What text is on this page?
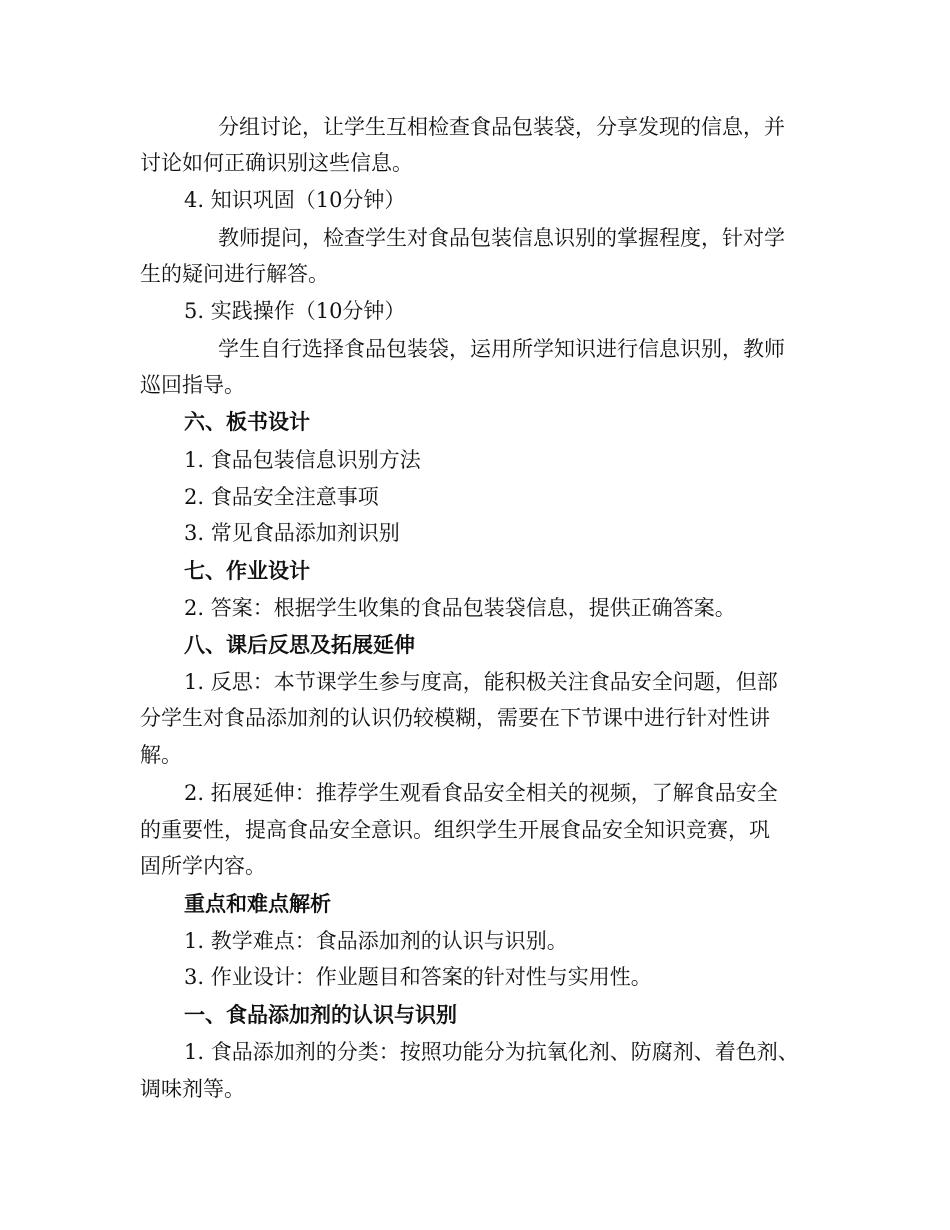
分组讨论，让学生互相检查食品包装袋，分享发现的信息，并
讨论如何正确识别这些信息。
4. 知识巩固（10分钟）
教师提问，检查学生对食品包装信息识别的掌握程度，针对学
生的疑问进行解答。
5. 实践操作（10分钟）
学生自行选择食品包装袋，运用所学知识进行信息识别，教师
巡回指导。
六、板书设计
1. 食品包装信息识别方法
2. 食品安全注意事项
3. 常见食品添加剂识别
七、作业设计
2. 答案：根据学生收集的食品包装袋信息，提供正确答案。
八、课后反思及拓展延伸
1. 反思：本节课学生参与度高，能积极关注食品安全问题，但部
分学生对食品添加剂的认识仍较模糊，需要在下节课中进行针对性讲
解。
2. 拓展延伸：推荐学生观看食品安全相关的视频，了解食品安全
的重要性，提高食品安全意识。组织学生开展食品安全知识竞赛，巩
固所学内容。
重点和难点解析
1. 教学难点：食品添加剂的认识与识别。
3. 作业设计：作业题目和答案的针对性与实用性。
一、食品添加剂的认识与识别
1. 食品添加剂的分类：按照功能分为抗氧化剂、防腐剂、着色剂、
调味剂等。
